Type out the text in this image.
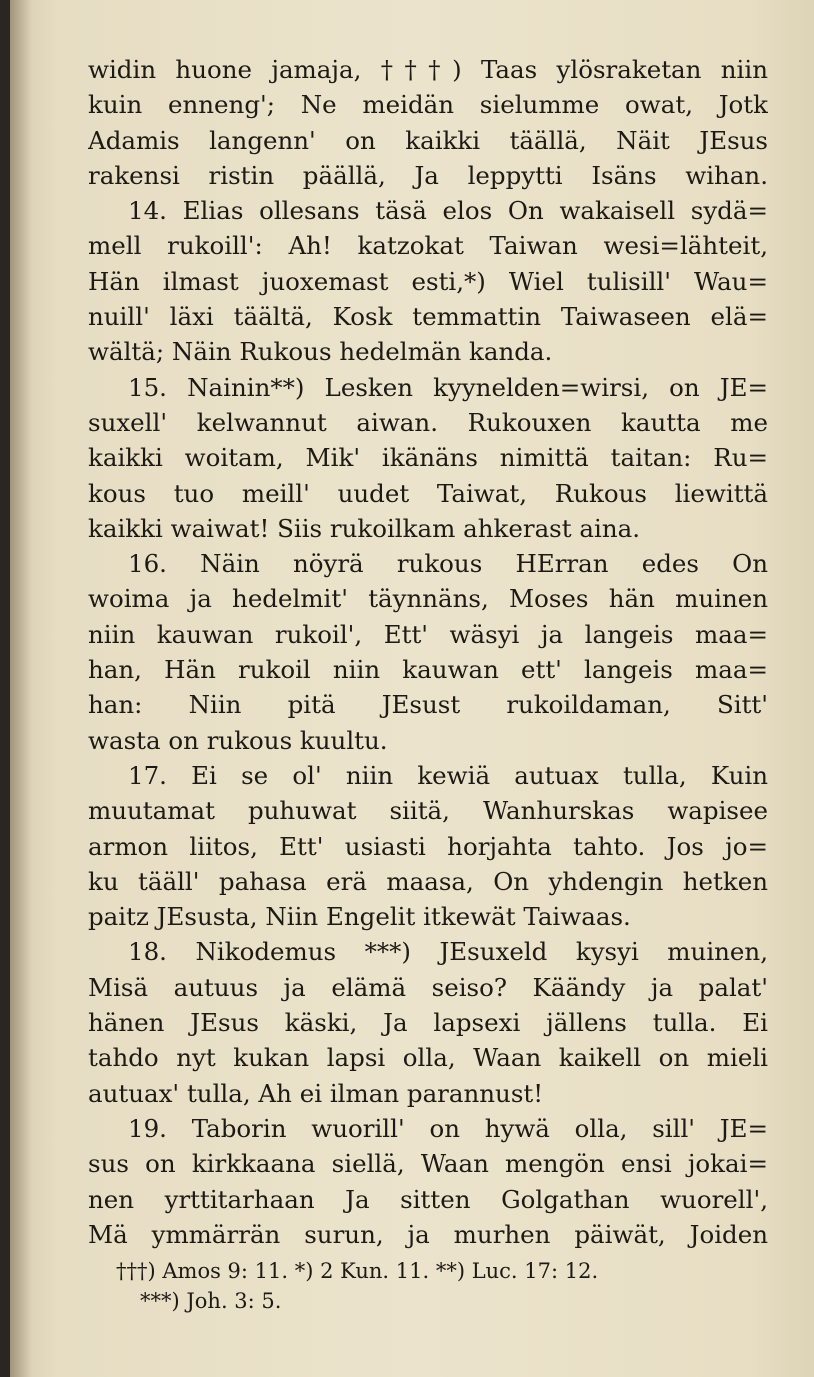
widin huone jamaja, †††) Taas ylösraketan niin
kuin enneng'; Ne meidän sielumme owat, Jotk
Adamis langenn' on kaikki täällä, Näit JEsus
rakensi ristin päällä, Ja leppytti Isäns wihan.
14. Elias ollesans täsä elos On wakaisell sydä=
mell rukoill': Ah! katzokat Taiwan wesi=lähteit,
Hän ilmast juoxemast esti,*) Wiel tulisill' Wau=
nuill' läxi täältä, Kosk temmattin Taiwaseen elä=
wältä; Näin Rukous hedelmän kanda.
15. Nainin**) Lesken kyynelden=wirsi, on JE=
suxell' kelwannut aiwan. Rukouxen kautta me
kaikki woitam, Mik' ikänäns nimittä taitan: Ru=
kous tuo meill' uudet Taiwat, Rukous liewittä
kaikki waiwat! Siis rukoilkam ahkerast aina.
16. Näin nöyrä rukous HErran edes On
woima ja hedelmit' täynnäns, Moses hän muinen
niin kauwan rukoil', Ett' wäsyi ja langeis maa=
han, Hän rukoil niin kauwan ett' langeis maa=
han: Niin pitä JEsust rukoildaman, Sitt'
wasta on rukous kuultu.
17. Ei se ol' niin kewiä autuax tulla, Kuin
muutamat puhuwat siitä, Wanhurskas wapisee
armon liitos, Ett' usiasti horjahta tahto. Jos jo=
ku tääll' pahasa erä maasa, On yhdengin hetken
paitz JEsusta, Niin Engelit itkewät Taiwaas.
18. Nikodemus ***) JEsuxeld kysyi muinen,
Misä autuus ja elämä seiso? Käändy ja palat'
hänen JEsus käski, Ja lapsexi jällens tulla. Ei
tahdo nyt kukan lapsi olla, Waan kaikell on mieli
autuax' tulla, Ah ei ilman parannust!
19. Taborin wuorill' on hywä olla, sill' JE=
sus on kirkkaana siellä, Waan mengön ensi jokai=
nen yrttitarhaan Ja sitten Golgathan wuorell',
Mä ymmärrän surun, ja murhen päiwät, Joiden
†††) Amos 9: 11. *) 2 Kun. 11. **) Luc. 17: 12.
***) Joh. 3: 5.
